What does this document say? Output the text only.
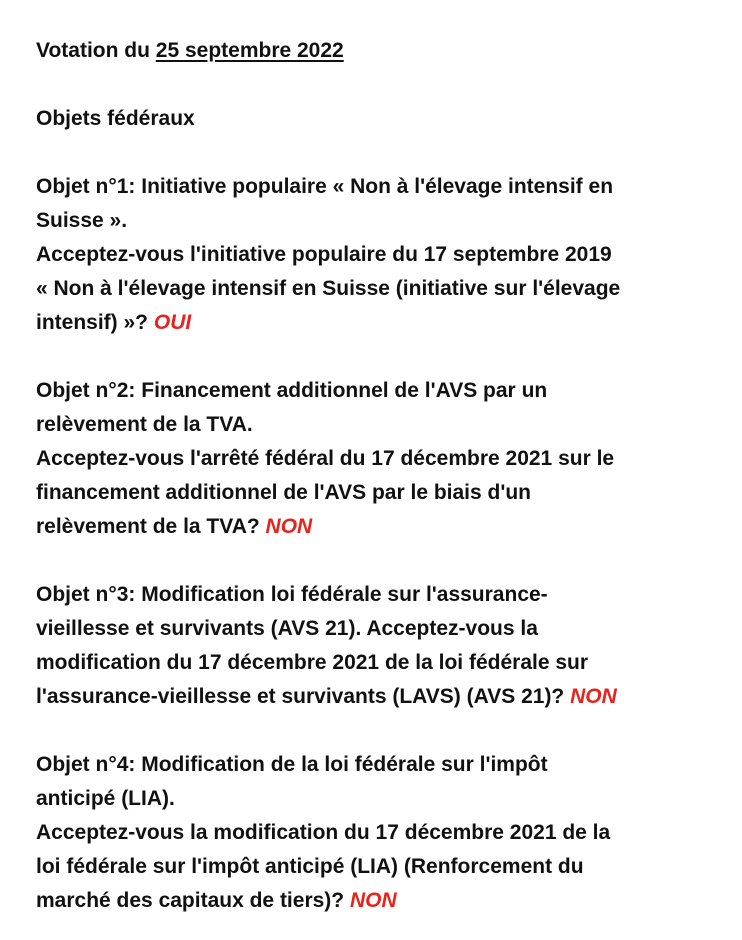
Votation du 25 septembre 2022
Objets fédéraux
Objet n°1: Initiative populaire « Non à l'élevage intensif en
Suisse ».
Acceptez-vous l'initiative populaire du 17 septembre 2019
« Non à l'élevage intensif en Suisse (initiative sur l'élevage
intensif) »? OUI
Objet n°2: Financement additionnel de l'AVS par un
relèvement de la TVA.
Acceptez-vous l'arrêté fédéral du 17 décembre 2021 sur le
financement additionnel de l'AVS par le biais d'un
relèvement de la TVA? NON
Objet n°3: Modification loi fédérale sur l'assurance-
vieillesse et survivants (AVS 21). Acceptez-vous la
modification du 17 décembre 2021 de la loi fédérale sur
l'assurance-vieillesse et survivants (LAVS) (AVS 21)? NON
Objet n°4: Modification de la loi fédérale sur l'impôt
anticipé (LIA).
Acceptez-vous la modification du 17 décembre 2021 de la
loi fédérale sur l'impôt anticipé (LIA) (Renforcement du
marché des capitaux de tiers)? NON
